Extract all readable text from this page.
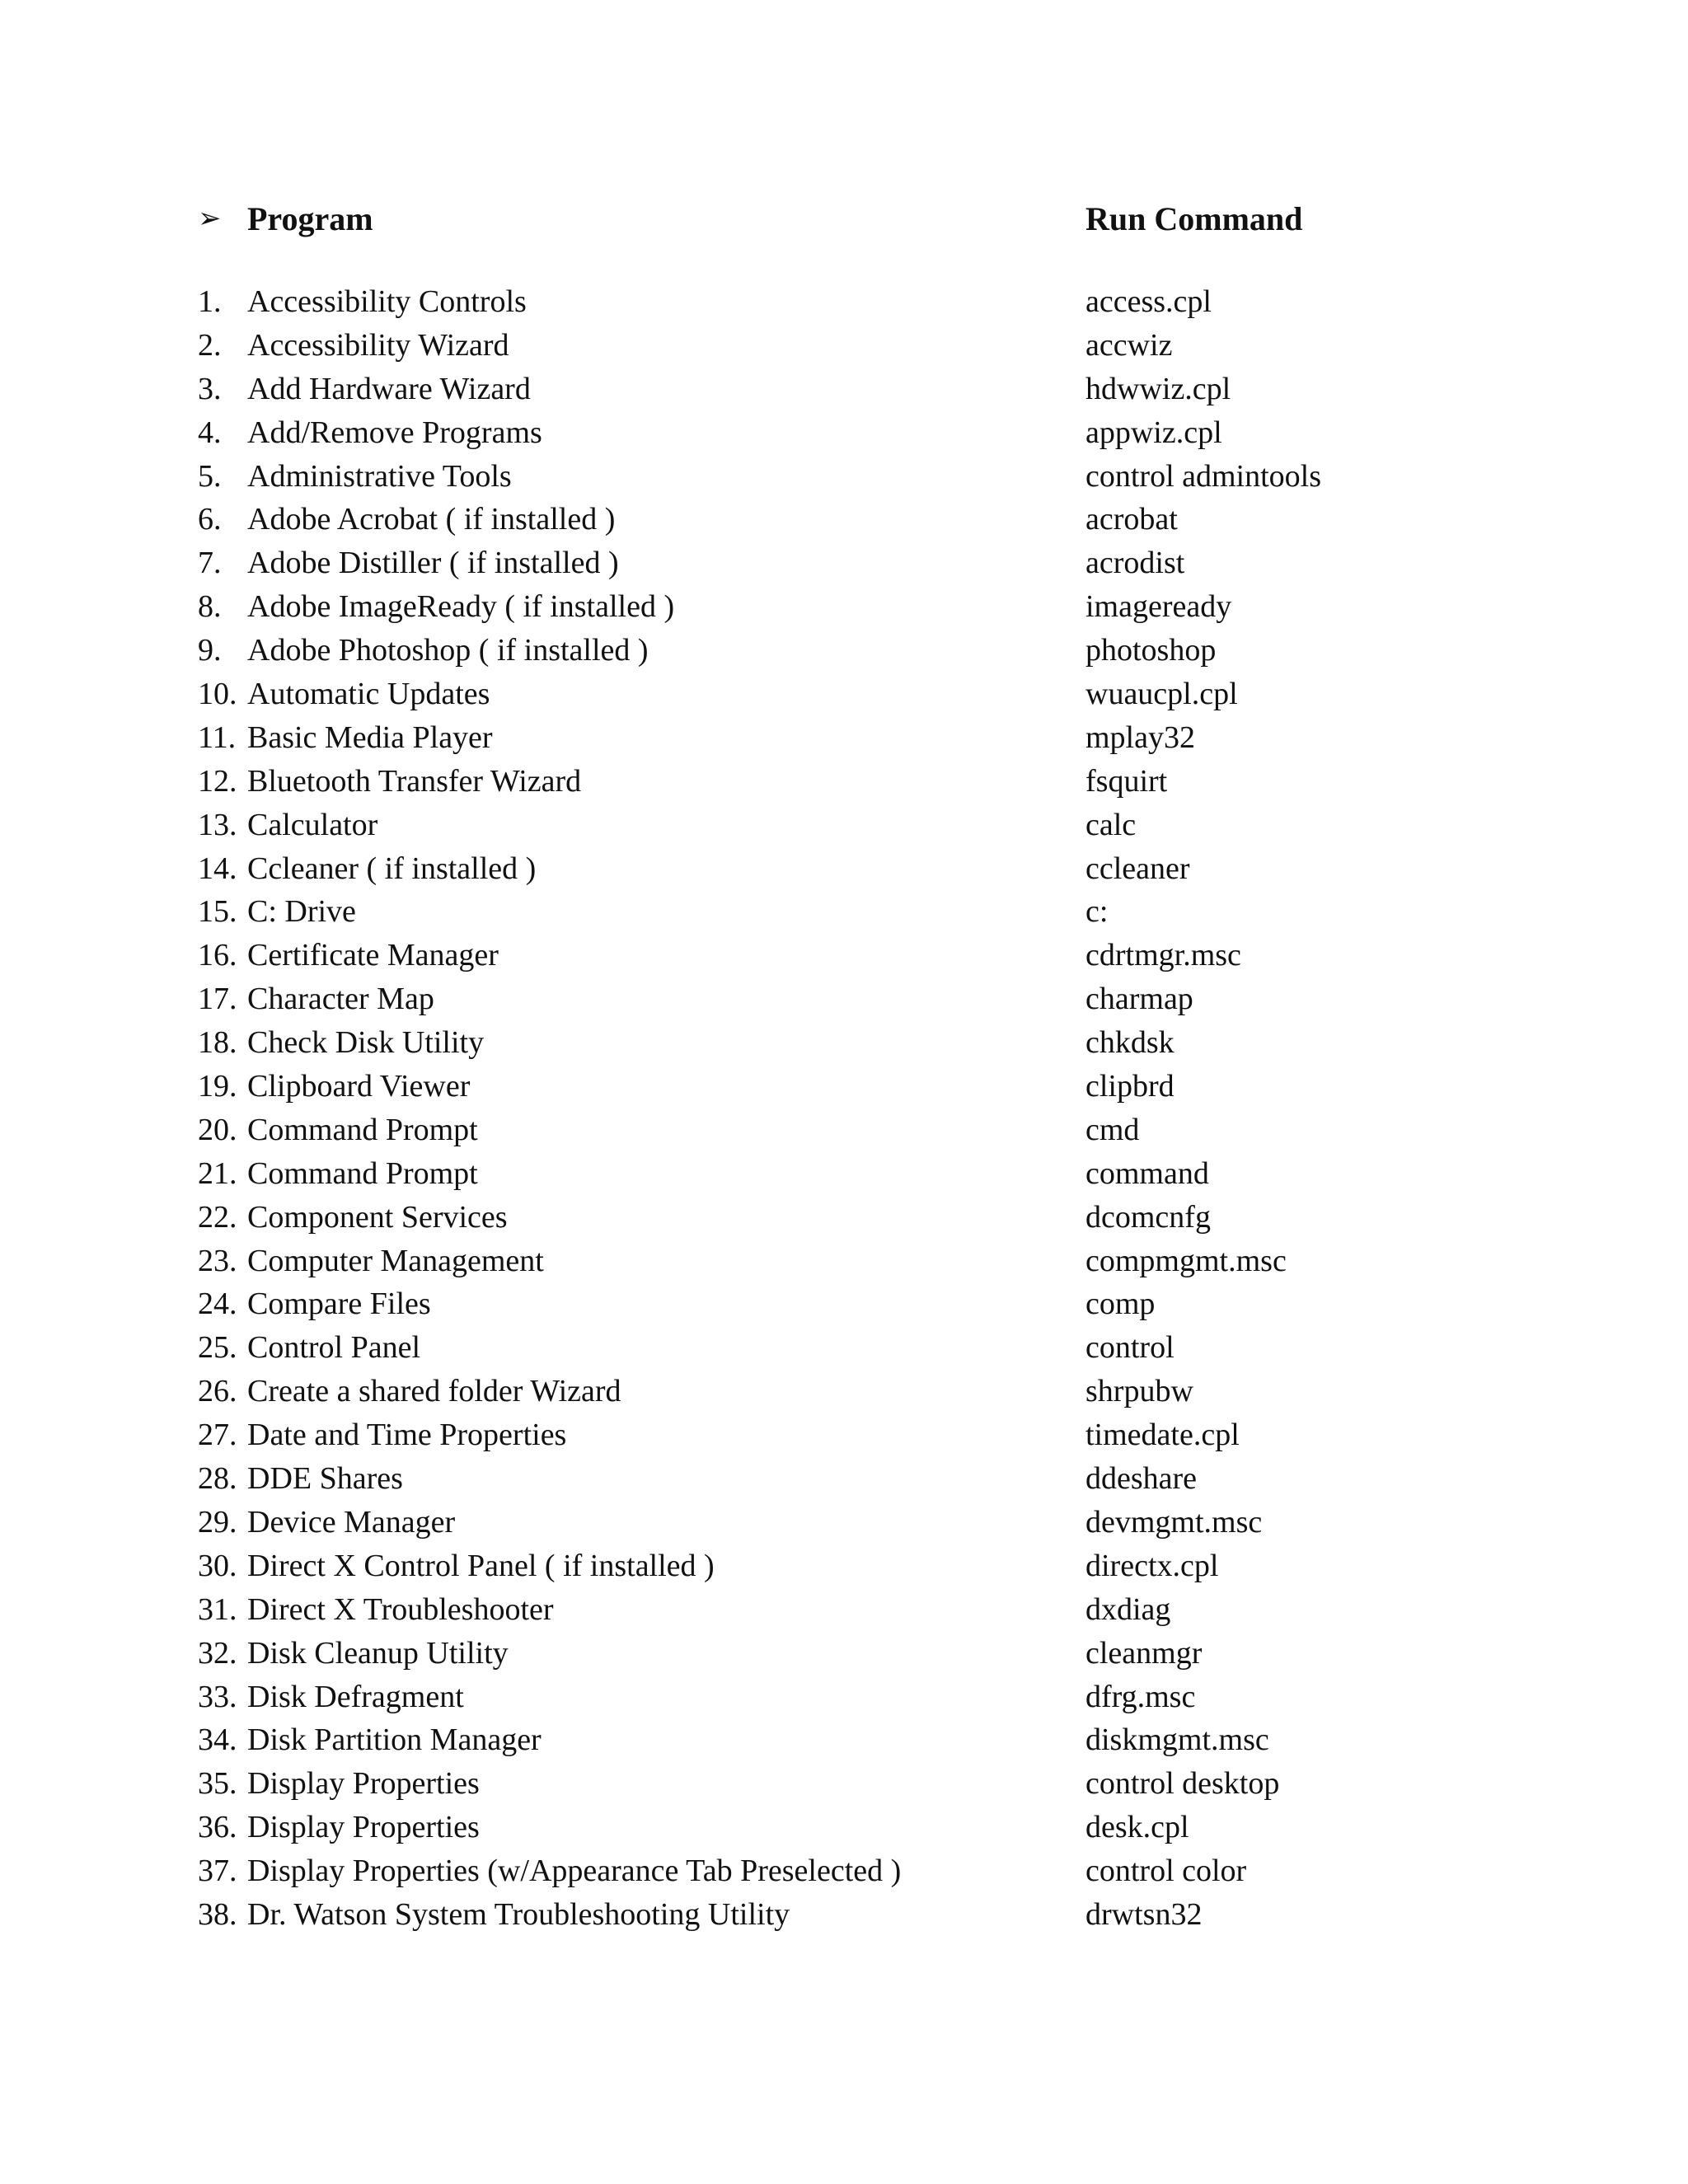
➢ Program	Run Command
1. Accessibility Controls	access.cpl
2. Accessibility Wizard	accwiz
3. Add Hardware Wizard	hdwwiz.cpl
4. Add/Remove Programs	appwiz.cpl
5. Administrative Tools	control admintools
6. Adobe Acrobat ( if installed )	acrobat
7. Adobe Distiller ( if installed )	acrodist
8. Adobe ImageReady ( if installed )	imageready
9. Adobe Photoshop ( if installed )	photoshop
10. Automatic Updates	wuaucpl.cpl
11. Basic Media Player	mplay32
12. Bluetooth Transfer Wizard	fsquirt
13. Calculator	calc
14. Ccleaner ( if installed )	ccleaner
15. C: Drive	c:
16. Certificate Manager	cdrtmgr.msc
17. Character Map	charmap
18. Check Disk Utility	chkdsk
19. Clipboard Viewer	clipbrd
20. Command Prompt	cmd
21. Command Prompt	command
22. Component Services	dcomcnfg
23. Computer Management	compmgmt.msc
24. Compare Files	comp
25. Control Panel	control
26. Create a shared folder Wizard	shrpubw
27. Date and Time Properties	timedate.cpl
28. DDE Shares	ddeshare
29. Device Manager	devmgmt.msc
30. Direct X Control Panel ( if installed )	directx.cpl
31. Direct X Troubleshooter	dxdiag
32. Disk Cleanup Utility	cleanmgr
33. Disk Defragment	dfrg.msc
34. Disk Partition Manager	diskmgmt.msc
35. Display Properties	control desktop
36. Display Properties	desk.cpl
37. Display Properties (w/Appearance Tab Preselected )	control color
38. Dr. Watson System Troubleshooting Utility	drwtsn32
